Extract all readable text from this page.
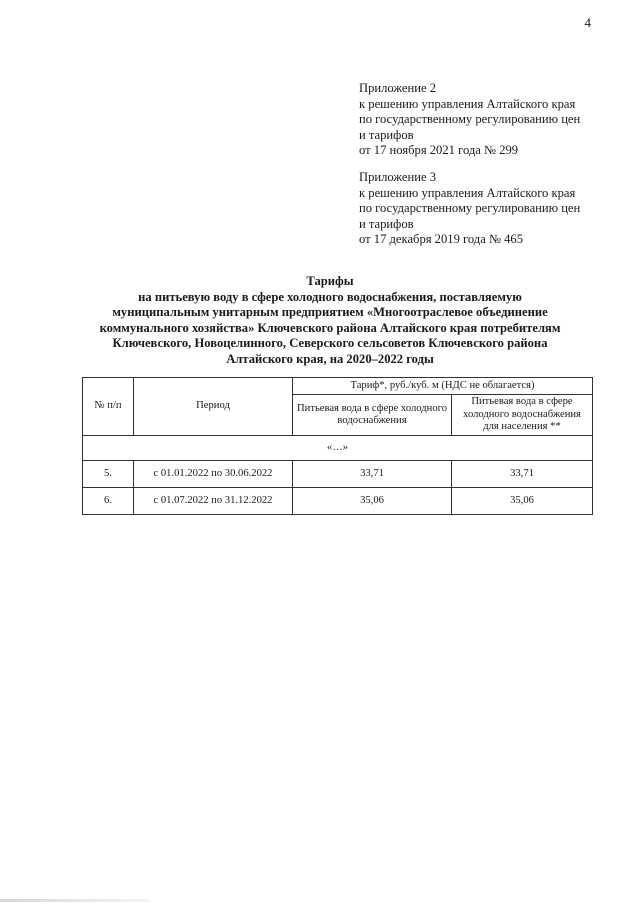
4
Приложение 2
к решению управления Алтайского края
по государственному регулированию цен
и тарифов
от 17 ноября 2021 года № 299
Приложение 3
к решению управления Алтайского края
по государственному регулированию цен
и тарифов
от 17 декабря 2019 года № 465
Тарифы
на питьевую воду в сфере холодного водоснабжения, поставляемую
муниципальным унитарным предприятием «Многоотраслевое объединение
коммунального хозяйства» Ключевского района Алтайского края потребителям
Ключевского, Новоцелинного, Северского сельсоветов Ключевского района
Алтайского края, на 2020–2022 годы
№ п/п	Период	Тариф*, руб./куб. м (НДС не облагается)	
		Питьевая вода в сфере холодного водоснабжения	Питьевая вода в сфере холодного водоснабжения для населения **
«…»			
5.	с 01.01.2022 по 30.06.2022	33,71	33,71
6.	с 01.07.2022 по 31.12.2022	35,06	35,06
